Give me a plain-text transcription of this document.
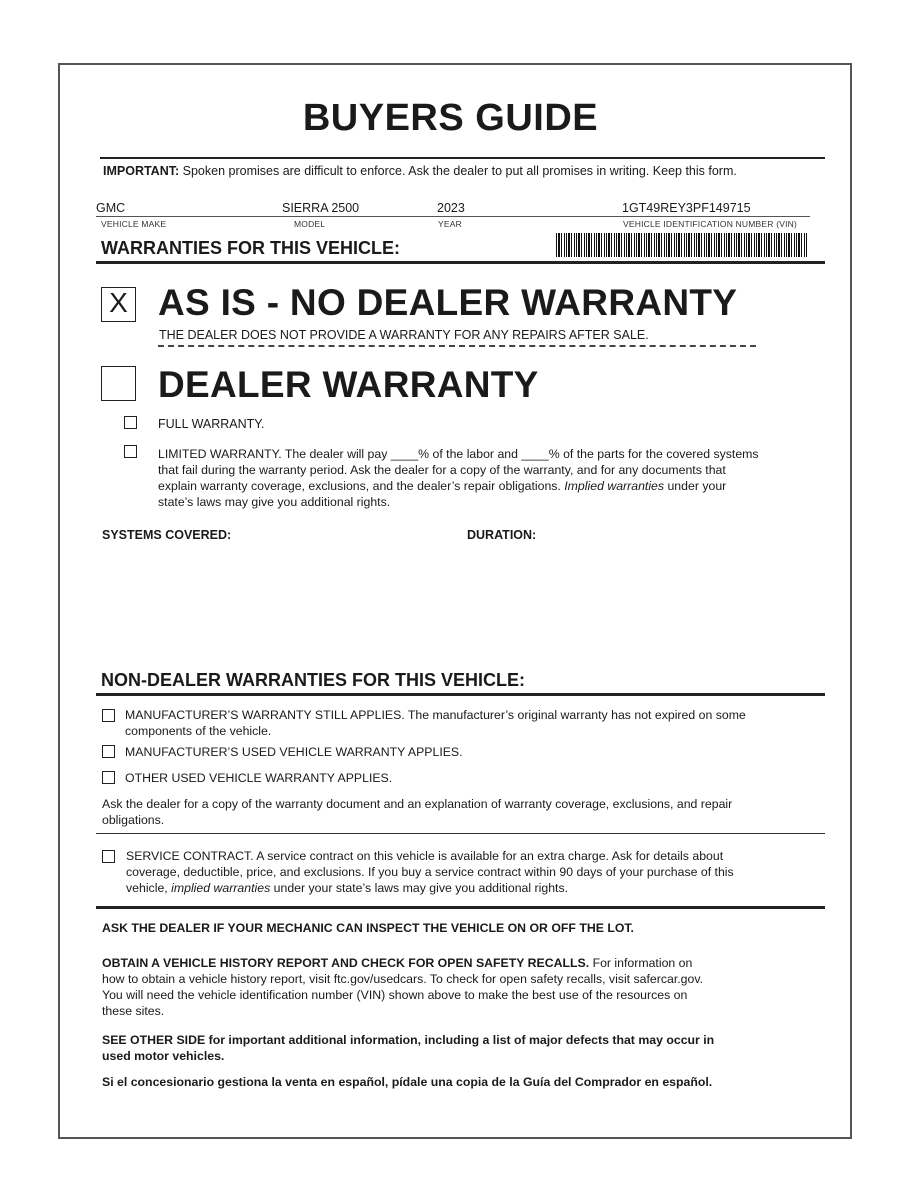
BUYERS GUIDE
IMPORTANT: Spoken promises are difficult to enforce. Ask the dealer to put all promises in writing. Keep this form.
GMC	SIERRA 2500	2023	1GT49REY3PF149715
VEHICLE MAKE	MODEL	YEAR	VEHICLE IDENTIFICATION NUMBER (VIN)
WARRANTIES FOR THIS VEHICLE:
X AS IS - NO DEALER WARRANTY
THE DEALER DOES NOT PROVIDE A WARRANTY FOR ANY REPAIRS AFTER SALE.
DEALER WARRANTY
FULL WARRANTY.
LIMITED WARRANTY. The dealer will pay ____% of the labor and ____% of the parts for the covered systems
that fail during the warranty period. Ask the dealer for a copy of the warranty, and for any documents that
explain warranty coverage, exclusions, and the dealer’s repair obligations. Implied warranties under your
state’s laws may give you additional rights.
SYSTEMS COVERED:	DURATION:
NON-DEALER WARRANTIES FOR THIS VEHICLE:
MANUFACTURER’S WARRANTY STILL APPLIES. The manufacturer’s original warranty has not expired on some
components of the vehicle.
MANUFACTURER’S USED VEHICLE WARRANTY APPLIES.
OTHER USED VEHICLE WARRANTY APPLIES.
Ask the dealer for a copy of the warranty document and an explanation of warranty coverage, exclusions, and repair
obligations.
SERVICE CONTRACT. A service contract on this vehicle is available for an extra charge. Ask for details about
coverage, deductible, price, and exclusions. If you buy a service contract within 90 days of your purchase of this
vehicle, implied warranties under your state’s laws may give you additional rights.
ASK THE DEALER IF YOUR MECHANIC CAN INSPECT THE VEHICLE ON OR OFF THE LOT.
OBTAIN A VEHICLE HISTORY REPORT AND CHECK FOR OPEN SAFETY RECALLS. For information on
how to obtain a vehicle history report, visit ftc.gov/usedcars. To check for open safety recalls, visit safercar.gov.
You will need the vehicle identification number (VIN) shown above to make the best use of the resources on
these sites.
SEE OTHER SIDE for important additional information, including a list of major defects that may occur in
used motor vehicles.
Si el concesionario gestiona la venta en español, pídale una copia de la Guía del Comprador en español.
